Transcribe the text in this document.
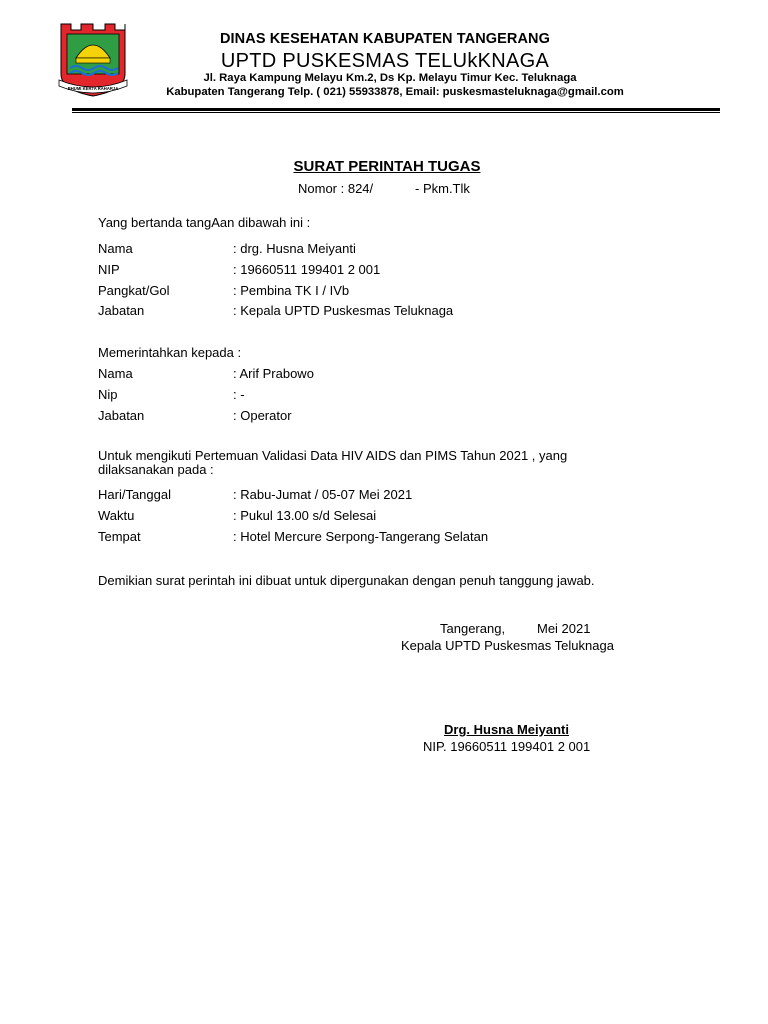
BHUMI KERTA RAHARJA
DINAS KESEHATAN KABUPATEN TANGERANG
UPTD PUSKESMAS TELUkKNAGA
Jl. Raya Kampung Melayu Km.2, Ds Kp. Melayu Timur Kec. Teluknaga
Kabupaten Tangerang Telp. ( 021) 55933878, Email: puskesmasteluknaga@gmail.com
SURAT PERINTAH TUGAS
Nomor : 824/	- Pkm.Tlk
Yang bertanda tangAan dibawah ini :
Nama	: drg. Husna Meiyanti
NIP	: 19660511 199401 2 001
Pangkat/Gol	: Pembina TK I / IVb
Jabatan	: Kepala UPTD Puskesmas Teluknaga
Memerintahkan kepada :
Nama	: Arif Prabowo
Nip	: -
Jabatan	: Operator
Untuk mengikuti Pertemuan Validasi Data HIV AIDS dan PIMS Tahun 2021 , yang dilaksanakan pada :
Hari/Tanggal	: Rabu-Jumat / 05-07 Mei 2021
Waktu	: Pukul 13.00 s/d Selesai
Tempat	: Hotel Mercure Serpong-Tangerang Selatan
Demikian surat perintah ini dibuat untuk dipergunakan dengan penuh tanggung jawab.
Tangerang, Mei 2021
Kepala UPTD Puskesmas Teluknaga
Drg. Husna Meiyanti
NIP. 19660511 199401 2 001
